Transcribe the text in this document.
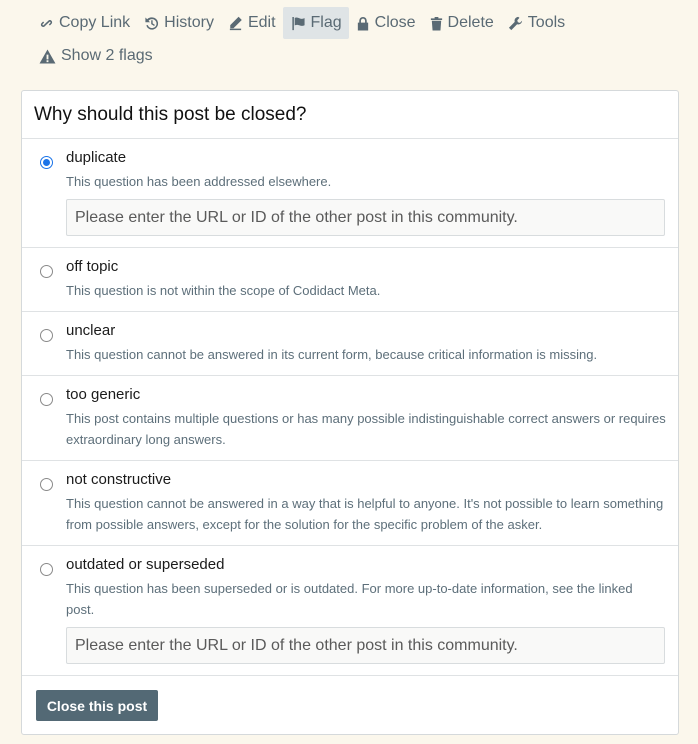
Copy Link History Edit Flag Close Delete Tools
Show 2 flags
Why should this post be closed?
duplicate
This question has been addressed elsewhere.
Please enter the URL or ID of the other post in this community.
off topic
This question is not within the scope of Codidact Meta.
unclear
This question cannot be answered in its current form, because critical information is missing.
too generic
This post contains multiple questions or has many possible indistinguishable correct answers or requires extraordinary long answers.
not constructive
This question cannot be answered in a way that is helpful to anyone. It's not possible to learn something from possible answers, except for the solution for the specific problem of the asker.
outdated or superseded
This question has been superseded or is outdated. For more up-to-date information, see the linked post.
Please enter the URL or ID of the other post in this community.
Close this post
